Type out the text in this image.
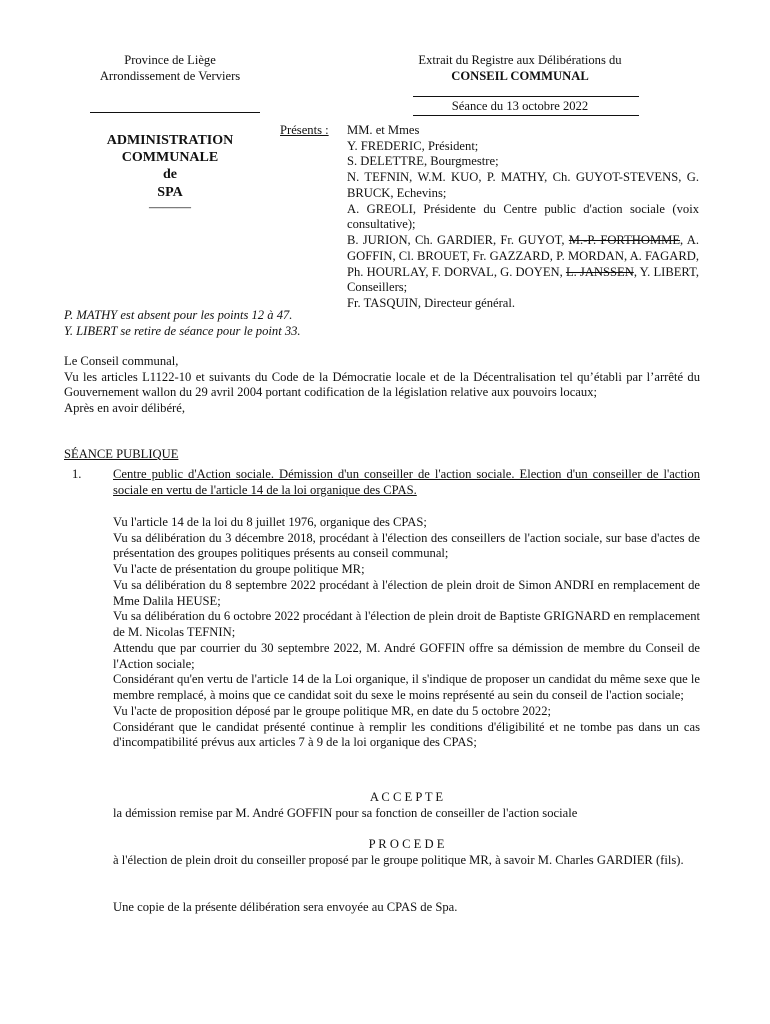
Province de Liège
Arrondissement de Verviers
Extrait du Registre aux Délibérations du
CONSEIL COMMUNAL
Séance du 13 octobre 2022
ADMINISTRATION
COMMUNALE
de
SPA
———
Présents : MM. et Mmes
Y. FREDERIC, Président;
S. DELETTRE, Bourgmestre;
N. TEFNIN, W.M. KUO, P. MATHY, Ch. GUYOT-STEVENS, G. BRUCK, Echevins;
A. GREOLI, Présidente du Centre public d'action sociale (voix consultative);
B. JURION, Ch. GARDIER, Fr. GUYOT, M.-P. FORTHOMME, A. GOFFIN, Cl. BROUET, Fr. GAZZARD, P. MORDAN, A. FAGARD, Ph. HOURLAY, F. DORVAL, G. DOYEN, L. JANSSEN, Y. LIBERT, Conseillers;
Fr. TASQUIN, Directeur général.
P. MATHY est absent pour les points 12 à 47.
Y. LIBERT se retire de séance pour le point 33.
Le Conseil communal,
Vu les articles L1122-10 et suivants du Code de la Démocratie locale et de la Décentralisation tel qu’établi par l’arrêté du Gouvernement wallon du 29 avril 2004 portant codification de la législation relative aux pouvoirs locaux;
Après en avoir délibéré,
SÉANCE PUBLIQUE
1.	Centre public d'Action sociale. Démission d'un conseiller de l'action sociale. Election d'un conseiller de l'action sociale en vertu de l'article 14 de la loi organique des CPAS.
Vu l'article 14 de la loi du 8 juillet 1976, organique des CPAS;
Vu sa délibération du 3 décembre 2018, procédant à l'élection des conseillers de l'action sociale, sur base d'actes de présentation des groupes politiques présents au conseil communal;
Vu l'acte de présentation du groupe politique MR;
Vu sa délibération du 8 septembre 2022 procédant à l'élection de plein droit de Simon ANDRI en remplacement de Mme Dalila HEUSE;
Vu sa délibération du 6 octobre 2022 procédant à l'élection de plein droit de Baptiste GRIGNARD en remplacement de M. Nicolas TEFNIN;
Attendu que par courrier du 30 septembre 2022, M. André GOFFIN offre sa démission de membre du Conseil de l'Action sociale;
Considérant qu'en vertu de l'article 14 de la Loi organique, il s'indique de proposer un candidat du même sexe que le membre remplacé, à moins que ce candidat soit du sexe le moins représenté au sein du conseil de l'action sociale;
Vu l'acte de proposition déposé par le groupe politique MR, en date du 5 octobre 2022;
Considérant que le candidat présenté continue à remplir les conditions d'éligibilité et ne tombe pas dans un cas d'incompatibilité prévus aux articles 7 à 9 de la loi organique des CPAS;
A C C E P T E
la démission remise par M. André GOFFIN pour sa fonction de conseiller de l'action sociale
P R O C E D E
à l'élection de plein droit du conseiller proposé par le groupe politique MR, à savoir M. Charles GARDIER (fils).
Une copie de la présente délibération sera envoyée au CPAS de Spa.
